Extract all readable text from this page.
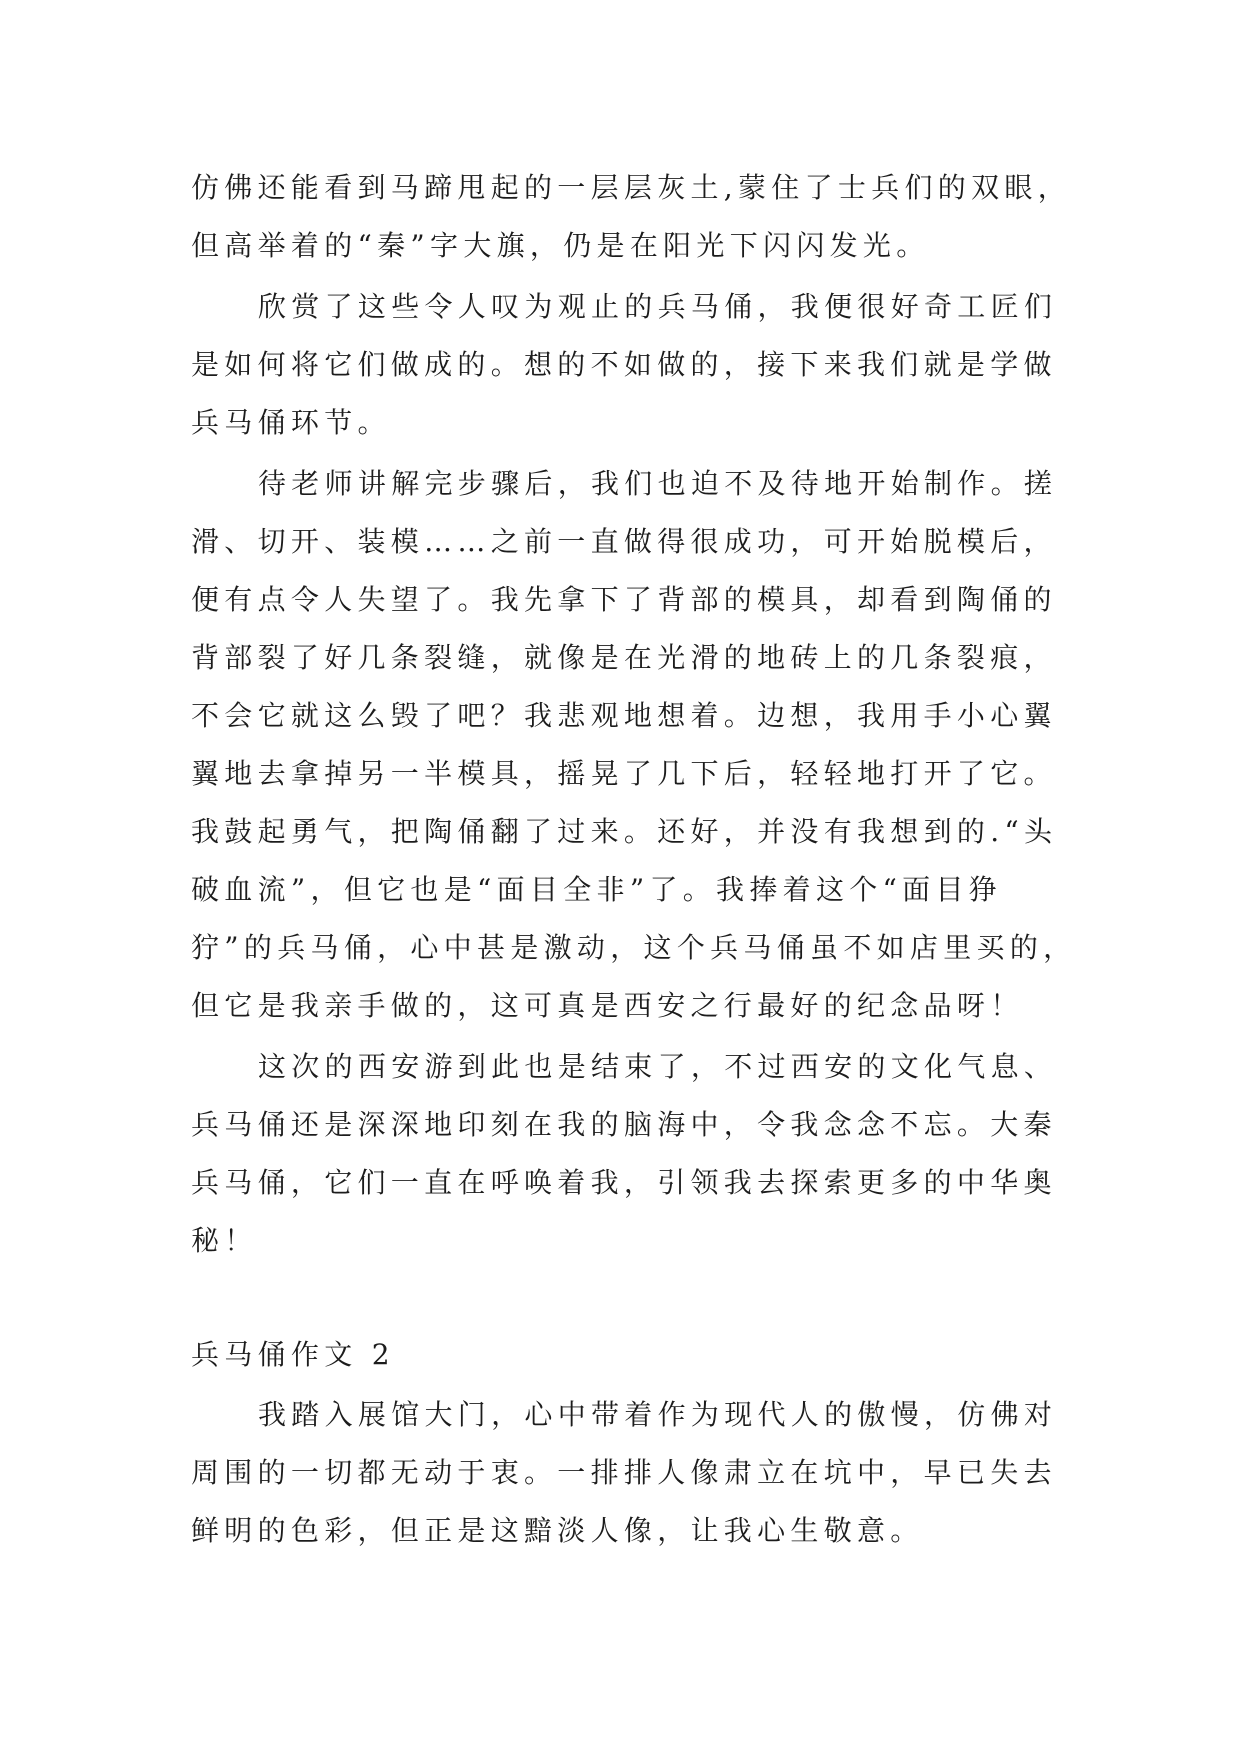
仿佛还能看到马蹄甩起的一层层灰土,蒙住了士兵们的双眼，
但高举着的“秦”字大旗，仍是在阳光下闪闪发光。
欣赏了这些令人叹为观止的兵马俑，我便很好奇工匠们
是如何将它们做成的。想的不如做的，接下来我们就是学做
兵马俑环节。
待老师讲解完步骤后，我们也迫不及待地开始制作。搓
滑、切开、装模……之前一直做得很成功，可开始脱模后，
便有点令人失望了。我先拿下了背部的模具，却看到陶俑的
背部裂了好几条裂缝，就像是在光滑的地砖上的几条裂痕，
不会它就这么毁了吧？我悲观地想着。边想，我用手小心翼
翼地去拿掉另一半模具，摇晃了几下后，轻轻地打开了它。
我鼓起勇气，把陶俑翻了过来。还好，并没有我想到的.“头
破血流”，但它也是“面目全非”了。我捧着这个“面目狰
狞”的兵马俑，心中甚是激动，这个兵马俑虽不如店里买的，
但它是我亲手做的，这可真是西安之行最好的纪念品呀！
这次的西安游到此也是结束了，不过西安的文化气息、
兵马俑还是深深地印刻在我的脑海中，令我念念不忘。大秦
兵马俑，它们一直在呼唤着我，引领我去探索更多的中华奥
秘！
兵马俑作文 2
我踏入展馆大门，心中带着作为现代人的傲慢，仿佛对
周围的一切都无动于衷。一排排人像肃立在坑中，早已失去
鲜明的色彩，但正是这黯淡人像，让我心生敬意。
